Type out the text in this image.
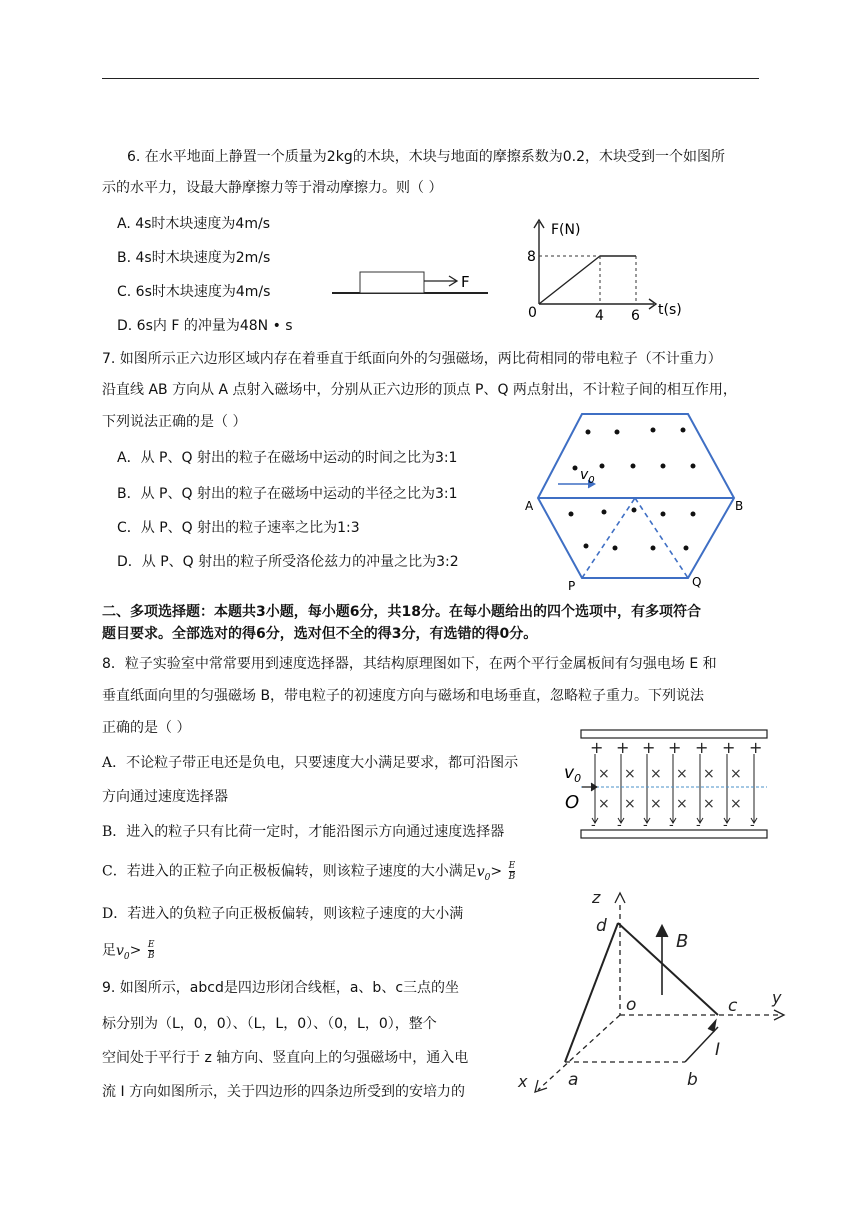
6. 在水平地面上静置一个质量为2kg的木块，木块与地面的摩擦系数为0.2，木块受到一个如图所
示的水平力，设最大静摩擦力等于滑动摩擦力。则（ ）
A. 4s时木块速度为4m/s
B. 4s时木块速度为2m/s
C. 6s时木块速度为4m/s
D. 6s内 F 的冲量为48N • s
F
F(N)
t(s)
8
0	4 6
7. 如图所示正六边形区域内存在着垂直于纸面向外的匀强磁场，两比荷相同的带电粒子（不计重力）
沿直线 AB 方向从 A 点射入磁场中，分别从正六边形的顶点 P、Q 两点射出，不计粒子间的相互作用，
下列说法正确的是（ ）
A．从 P、Q 射出的粒子在磁场中运动的时间之比为3:1
B．从 P、Q 射出的粒子在磁场中运动的半径之比为3:1
C．从 P、Q 射出的粒子速率之比为1:3
D．从 P、Q 射出的粒子所受洛伦兹力的冲量之比为3:2
$v_0$
A	B
P	Q
二、多项选择题：本题共3小题，每小题6分，共18分。在每小题给出的四个选项中，有多项符合
题目要求。全部选对的得6分，选对但不全的得3分，有选错的得0分。
8．粒子实验室中常常要用到速度选择器，其结构原理图如下，在两个平行金属板间有匀强电场 E 和
垂直纸面向里的匀强磁场 B，带电粒子的初速度方向与磁场和电场垂直，忽略粒子重力。下列说法
正确的是（ ）
A．不论粒子带正电还是负电，只要速度大小满足要求，都可沿图示
方向通过速度选择器
B．进入的粒子只有比荷一定时，才能沿图示方向通过速度选择器
C．若进入的正粒子向正极板偏转，则该粒子速度的大小满足$v_0> \frac{E}{B}$
D．若进入的负粒子向正极板偏转，则该粒子速度的大小满
足$v_0> \frac{E}{B}$
+ + + + + + +
× × × × × ×
× × × × × ×
$v_0$
O
- - - - - - -
9. 如图所示，abcd是四边形闭合线框，a、b、c三点的坐
标分别为（L，0，0）、（L，L，0）、（0，L，0），整个
空间处于平行于 z 轴方向、竖直向上的匀强磁场中，通入电
流 I 方向如图所示，关于四边形的四条边所受到的安培力的
z
y
x
o
a	b
c
d
B
I
